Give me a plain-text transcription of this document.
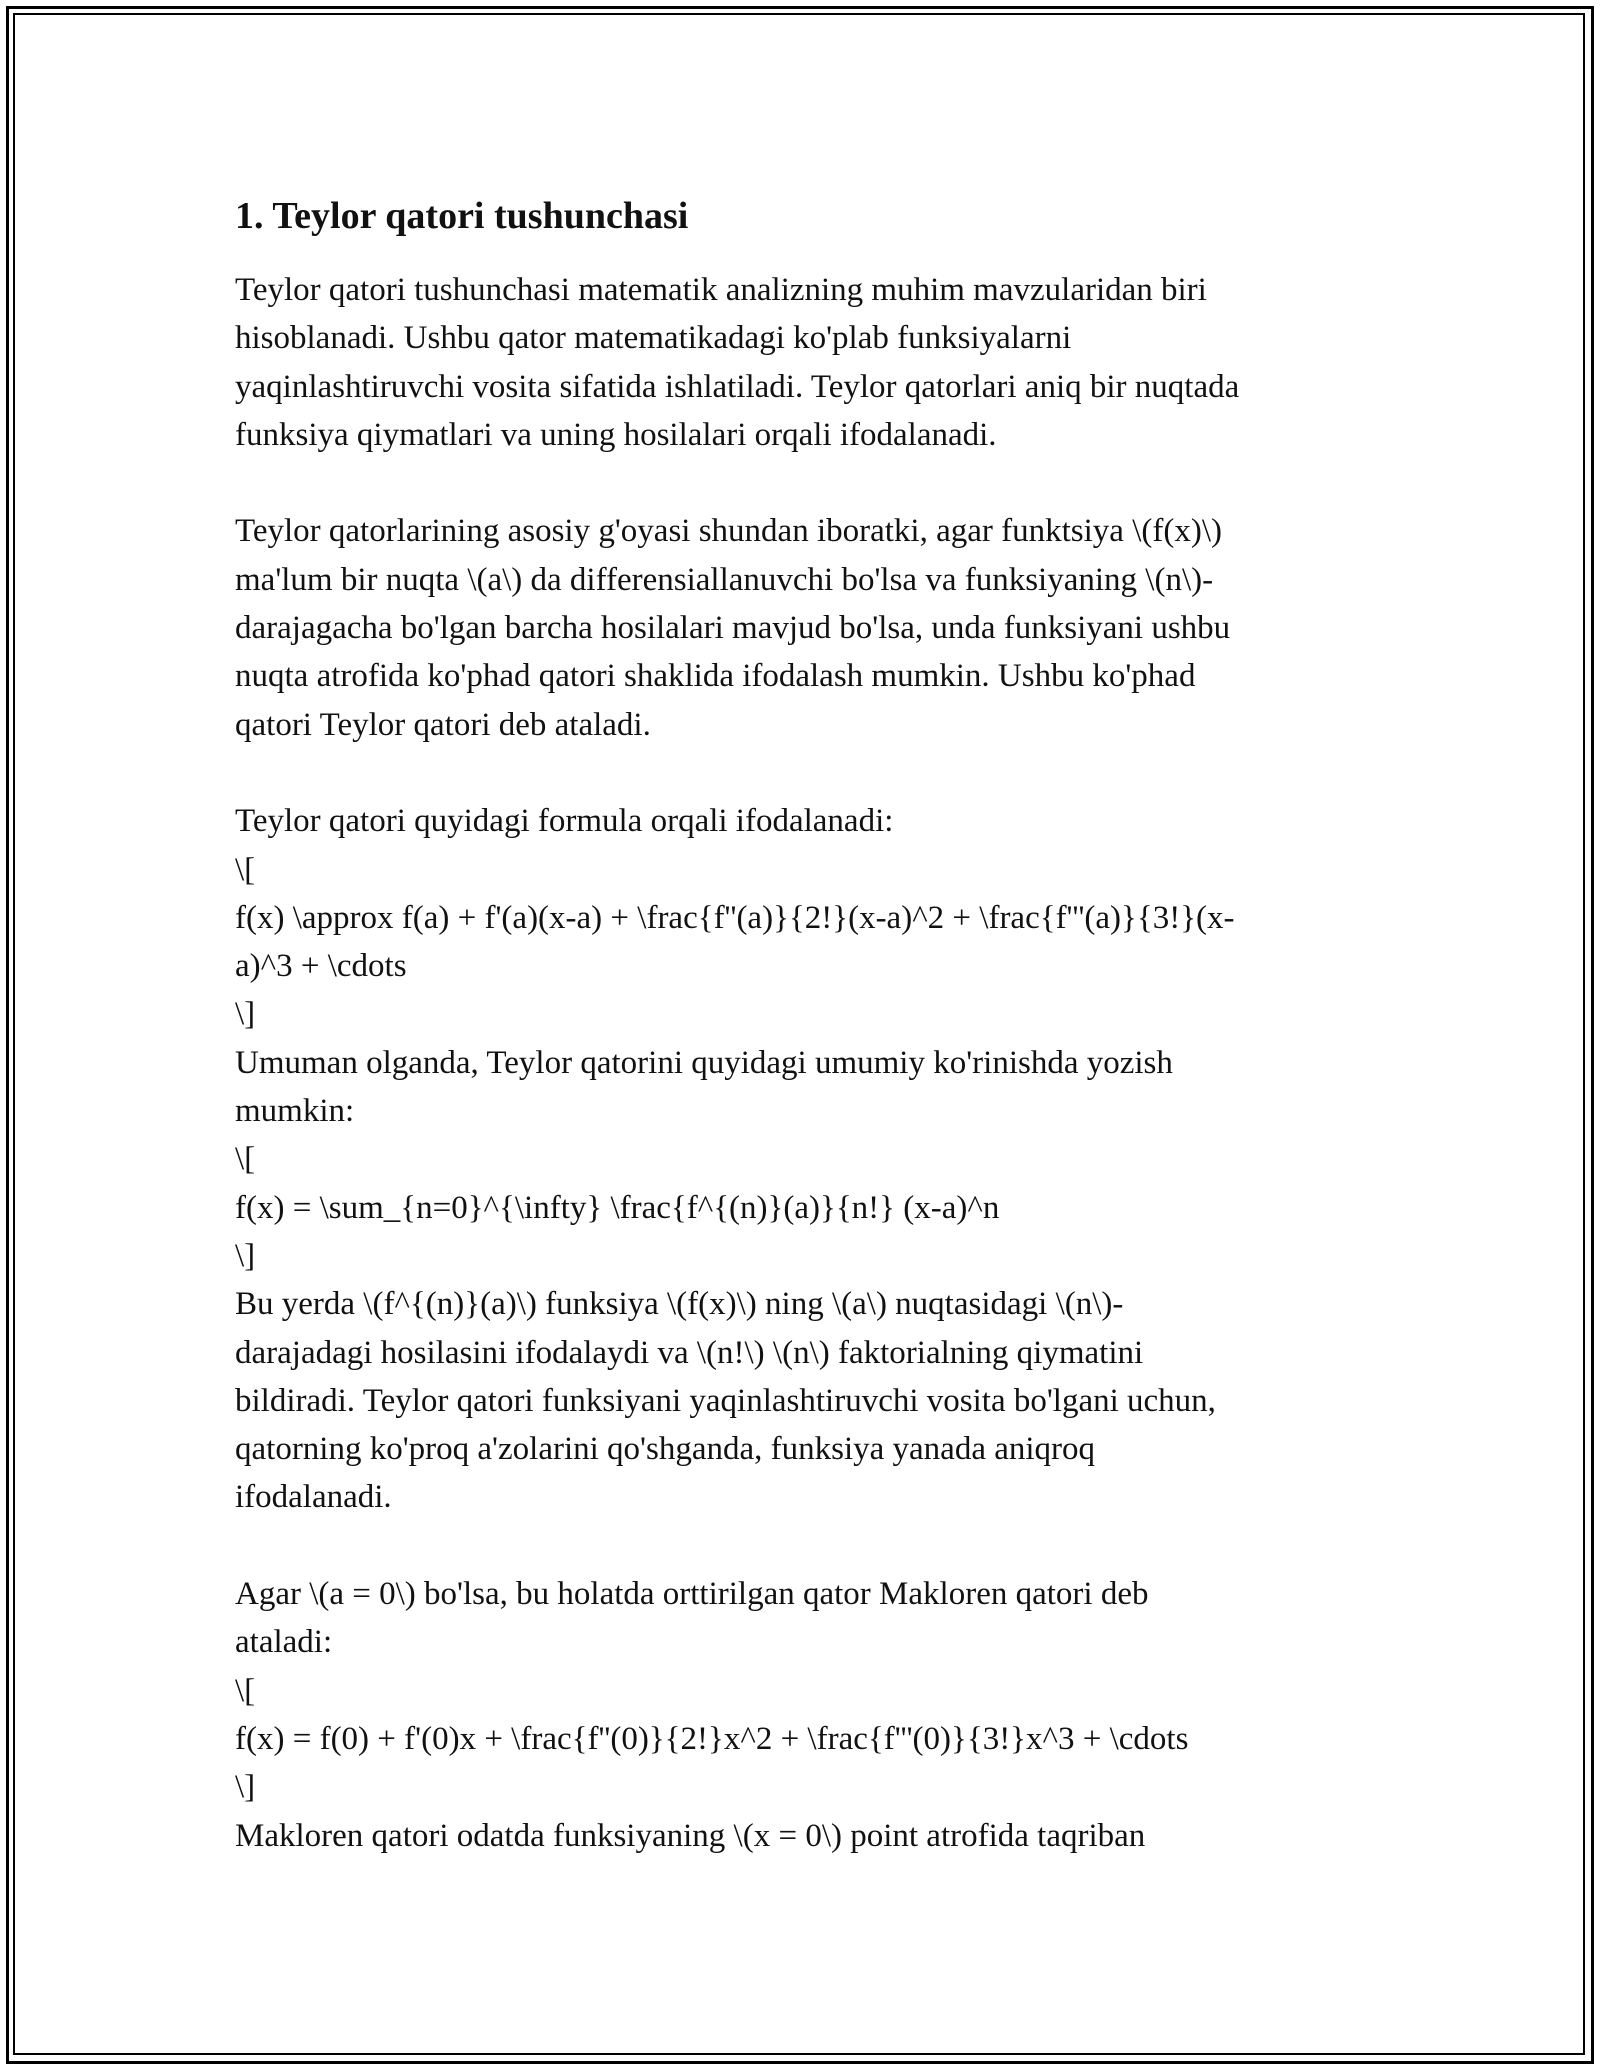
1. Teylor qatori tushunchasi
Teylor qatori tushunchasi matematik analizning muhim mavzularidan biri
hisoblanadi. Ushbu qator matematikadagi ko'plab funksiyalarni
yaqinlashtiruvchi vosita sifatida ishlatiladi. Teylor qatorlari aniq bir nuqtada
funksiya qiymatlari va uning hosilalari orqali ifodalanadi.
Teylor qatorlarining asosiy g'oyasi shundan iboratki, agar funktsiya \(f(x)\)
ma'lum bir nuqta \(a\) da differensiallanuvchi bo'lsa va funksiyaning \(n\)-
darajagacha bo'lgan barcha hosilalari mavjud bo'lsa, unda funksiyani ushbu
nuqta atrofida ko'phad qatori shaklida ifodalash mumkin. Ushbu ko'phad
qatori Teylor qatori deb ataladi.
Teylor qatori quyidagi formula orqali ifodalanadi:
\[
f(x) \approx f(a) + f'(a)(x-a) + \frac{f''(a)}{2!}(x-a)^2 + \frac{f'''(a)}{3!}(x-
a)^3 + \cdots
\]
Umuman olganda, Teylor qatorini quyidagi umumiy ko'rinishda yozish
mumkin:
\[
f(x) = \sum_{n=0}^{\infty} \frac{f^{(n)}(a)}{n!} (x-a)^n
\]
Bu yerda \(f^{(n)}(a)\) funksiya \(f(x)\) ning \(a\) nuqtasidagi \(n\)-
darajadagi hosilasini ifodalaydi va \(n!\) \(n\) faktorialning qiymatini
bildiradi. Teylor qatori funksiyani yaqinlashtiruvchi vosita bo'lgani uchun,
qatorning ko'proq a'zolarini qo'shganda, funksiya yanada aniqroq
ifodalanadi.
Agar \(a = 0\) bo'lsa, bu holatda orttirilgan qator Makloren qatori deb
ataladi:
\[
f(x) = f(0) + f'(0)x + \frac{f''(0)}{2!}x^2 + \frac{f'''(0)}{3!}x^3 + \cdots
\]
Makloren qatori odatda funksiyaning \(x = 0\) point atrofida taqriban
